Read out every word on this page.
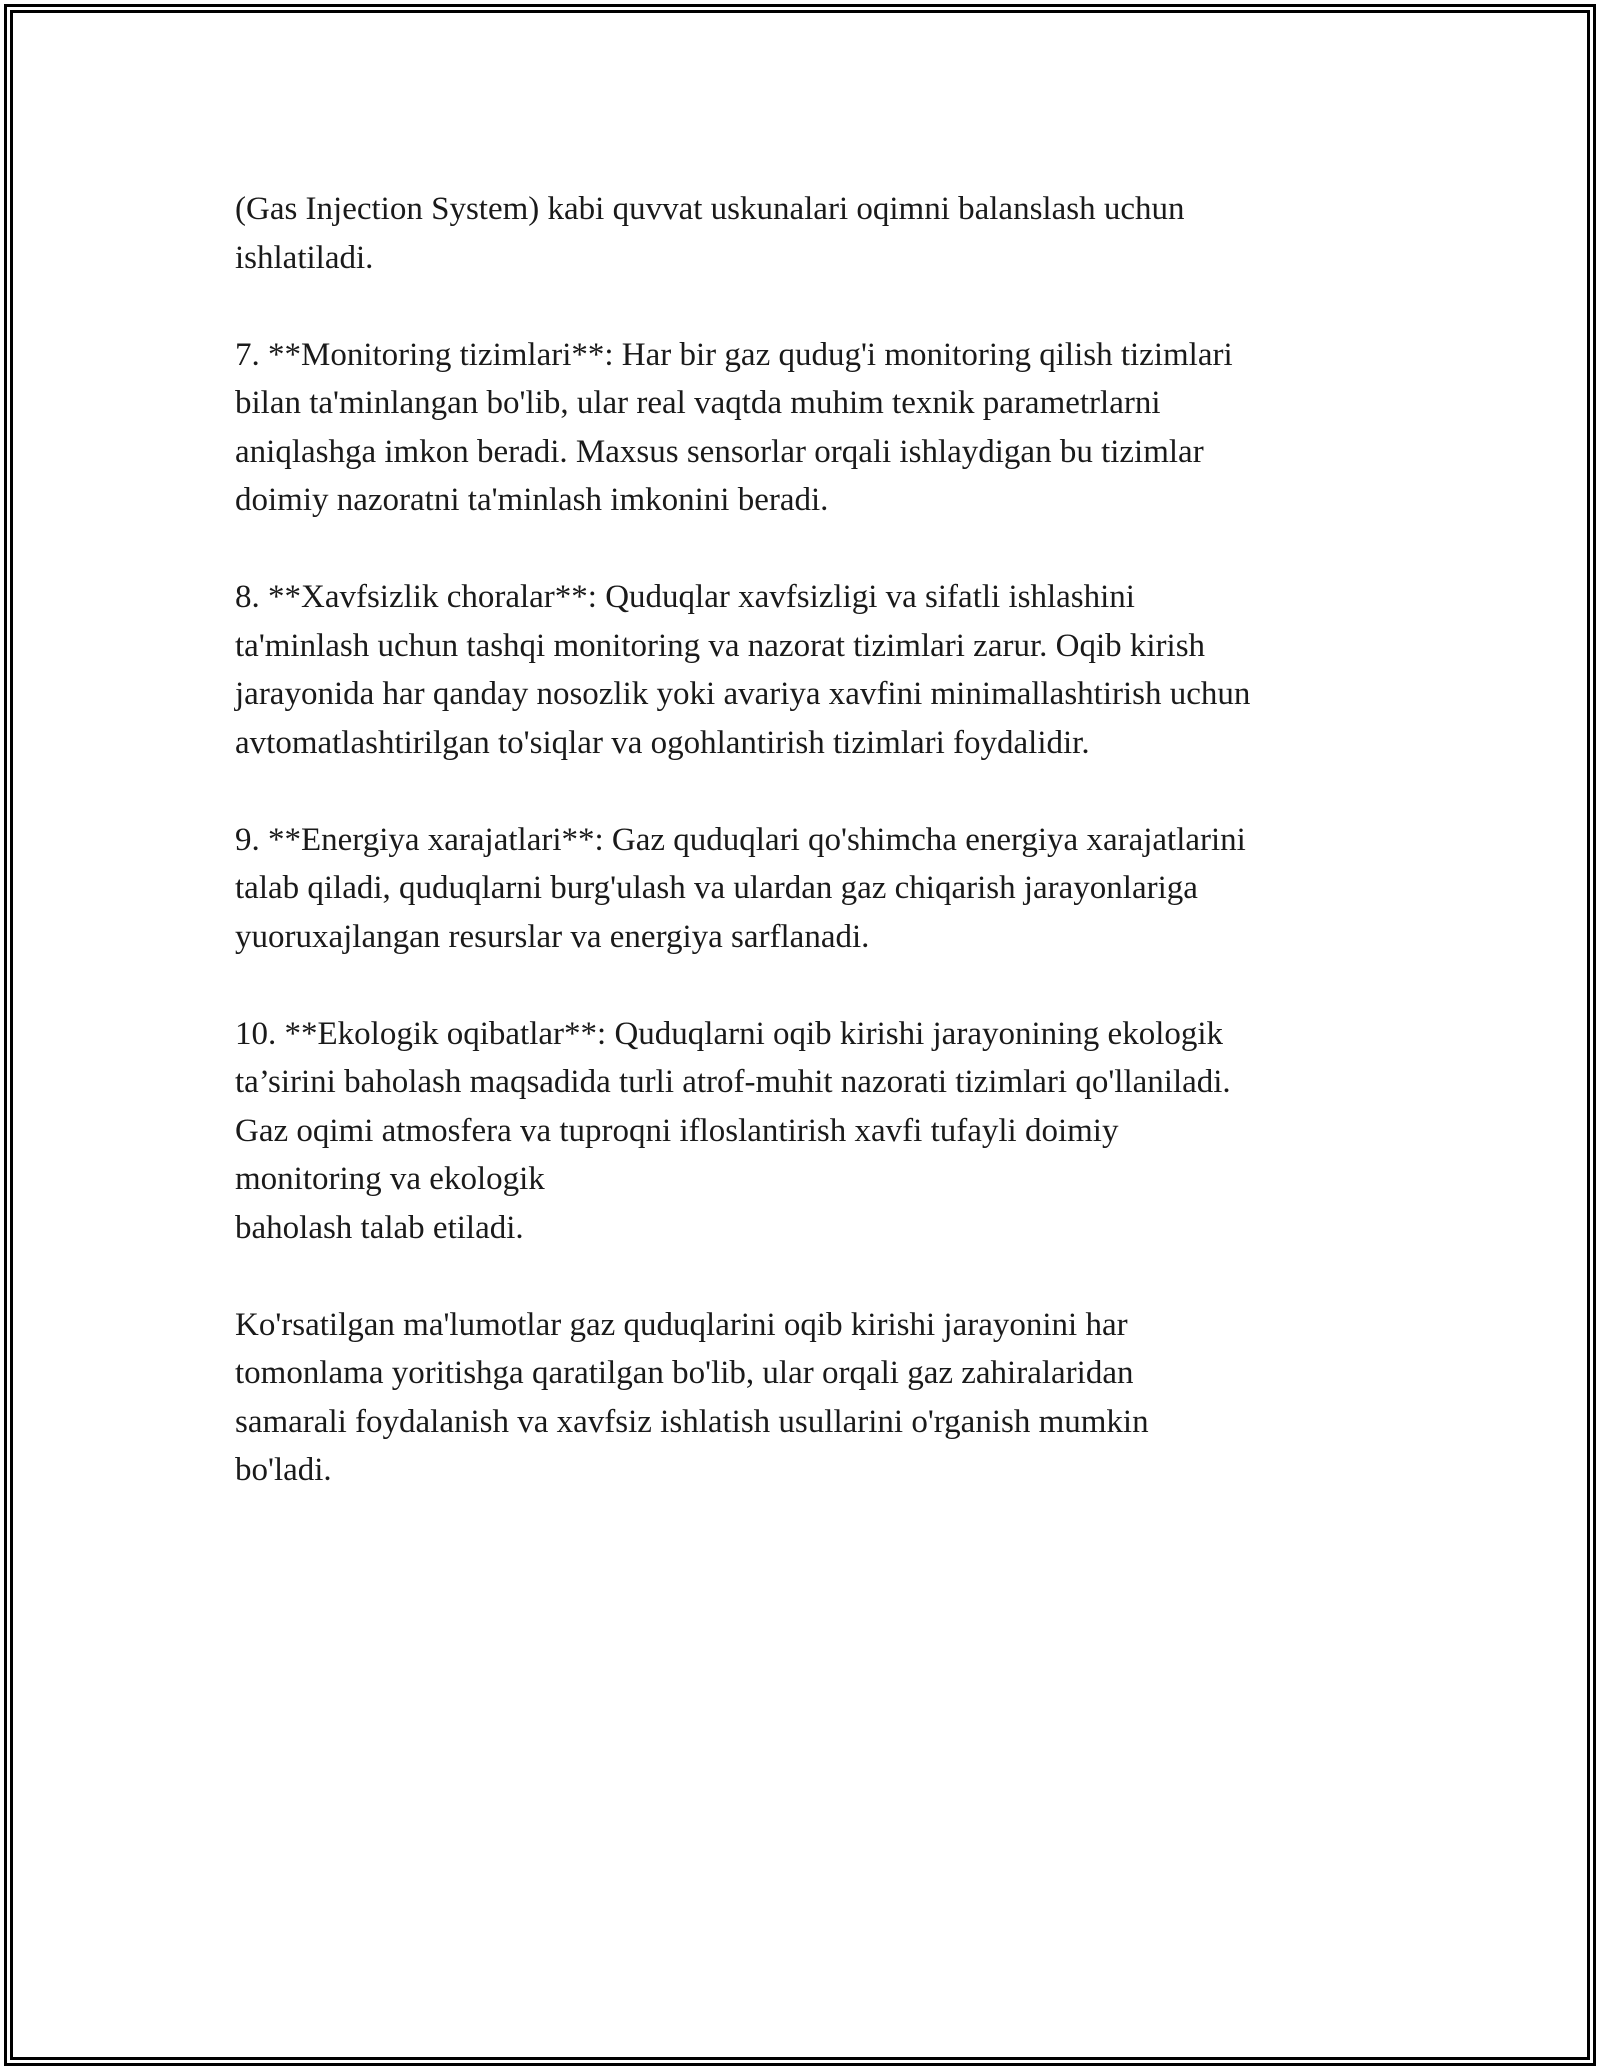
(Gas Injection System) kabi quvvat uskunalari oqimni balanslash uchun
ishlatiladi.

7. **Monitoring tizimlari**: Har bir gaz qudug'i monitoring qilish tizimlari
bilan ta'minlangan bo'lib, ular real vaqtda muhim texnik parametrlarni
aniqlashga imkon beradi. Maxsus sensorlar orqali ishlaydigan bu tizimlar
doimiy nazoratni ta'minlash imkonini beradi.

8. **Xavfsizlik choralar**: Quduqlar xavfsizligi va sifatli ishlashini
ta'minlash uchun tashqi monitoring va nazorat tizimlari zarur. Oqib kirish
jarayonida har qanday nosozlik yoki avariya xavfini minimallashtirish uchun
avtomatlashtirilgan to'siqlar va ogohlantirish tizimlari foydalidir.

9. **Energiya xarajatlari**: Gaz quduqlari qo'shimcha energiya xarajatlarini
talab qiladi, quduqlarni burg'ulash va ulardan gaz chiqarish jarayonlariga
yuoruxajlangan resurslar va energiya sarflanadi.

10. **Ekologik oqibatlar**: Quduqlarni oqib kirishi jarayonining ekologik
ta’sirini baholash maqsadida turli atrof-muhit nazorati tizimlari qo'llaniladi.
Gaz oqimi atmosfera va tuproqni ifloslantirish xavfi tufayli doimiy
monitoring va ekologik
baholash talab etiladi.

Ko'rsatilgan ma'lumotlar gaz quduqlarini oqib kirishi jarayonini har
tomonlama yoritishga qaratilgan bo'lib, ular orqali gaz zahiralaridan
samarali foydalanish va xavfsiz ishlatish usullarini o'rganish mumkin
bo'ladi.
